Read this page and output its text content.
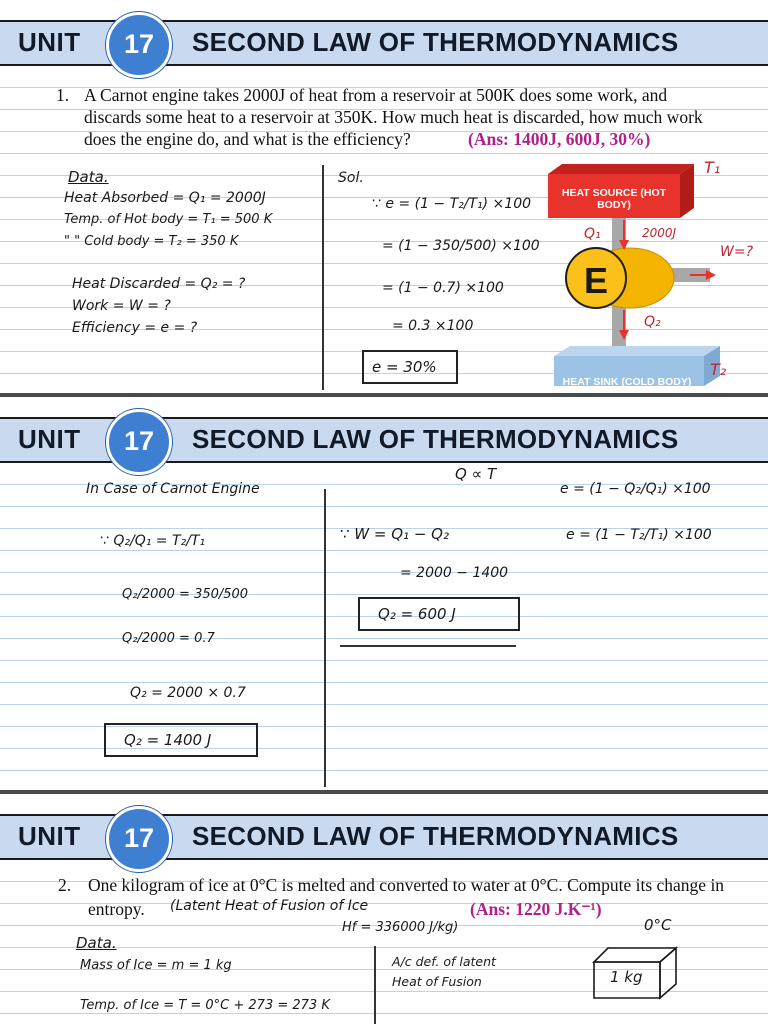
UNIT	17	SECOND LAW OF THERMODYNAMICS
1. A Carnot engine takes 2000J of heat from a reservoir at 500K does some work, and
discards some heat to a reservoir at 350K. How much heat is discarded, how much work
does the engine do, and what is the efficiency?	(Ans: 1400J, 600J, 30%)
Data.
Heat Absorbed = Q₁ = 2000J
Temp. of Hot body = T₁ = 500 K
" " Cold body = T₂ = 350 K
Heat Discarded = Q₂ = ?
Work = W = ?
Efficiency = e = ?
Sol.
∵ e = (1 − T₂/T₁) ×100
= (1 − 350/500) ×100
= (1 − 0.7) ×100
= 0.3 ×100
e = 30%
HEAT SOURCE (HOT BODY)
E
HEAT SINK (COLD BODY)
T₁
T₂
Q₁	2000J
Q₂
W=?
UNIT	17	SECOND LAW OF THERMODYNAMICS
Q ∝ T
In Case of Carnot Engine	e = (1 − Q₂/Q₁) ×100
e = (1 − T₂/T₁) ×100
∵ Q₂/Q₁ = T₂/T₁
Q₂/2000 = 350/500
Q₂/2000 = 0.7
Q₂ = 2000 × 0.7
Q₂ = 1400 J
∵ W = Q₁ − Q₂
= 2000 − 1400
Q₂ = 600 J
UNIT	17	SECOND LAW OF THERMODYNAMICS
2. One kilogram of ice at 0°C is melted and converted to water at 0°C. Compute its change in
entropy. (Latent Heat of Fusion of Ice
Hf = 336000 J/kg)
(Ans: 1220 J.K⁻¹)
0°C
Data.
Mass of Ice = m = 1 kg
Temp. of Ice = T = 0°C + 273 = 273 K
A/c def. of latent
Heat of Fusion	1 kg
